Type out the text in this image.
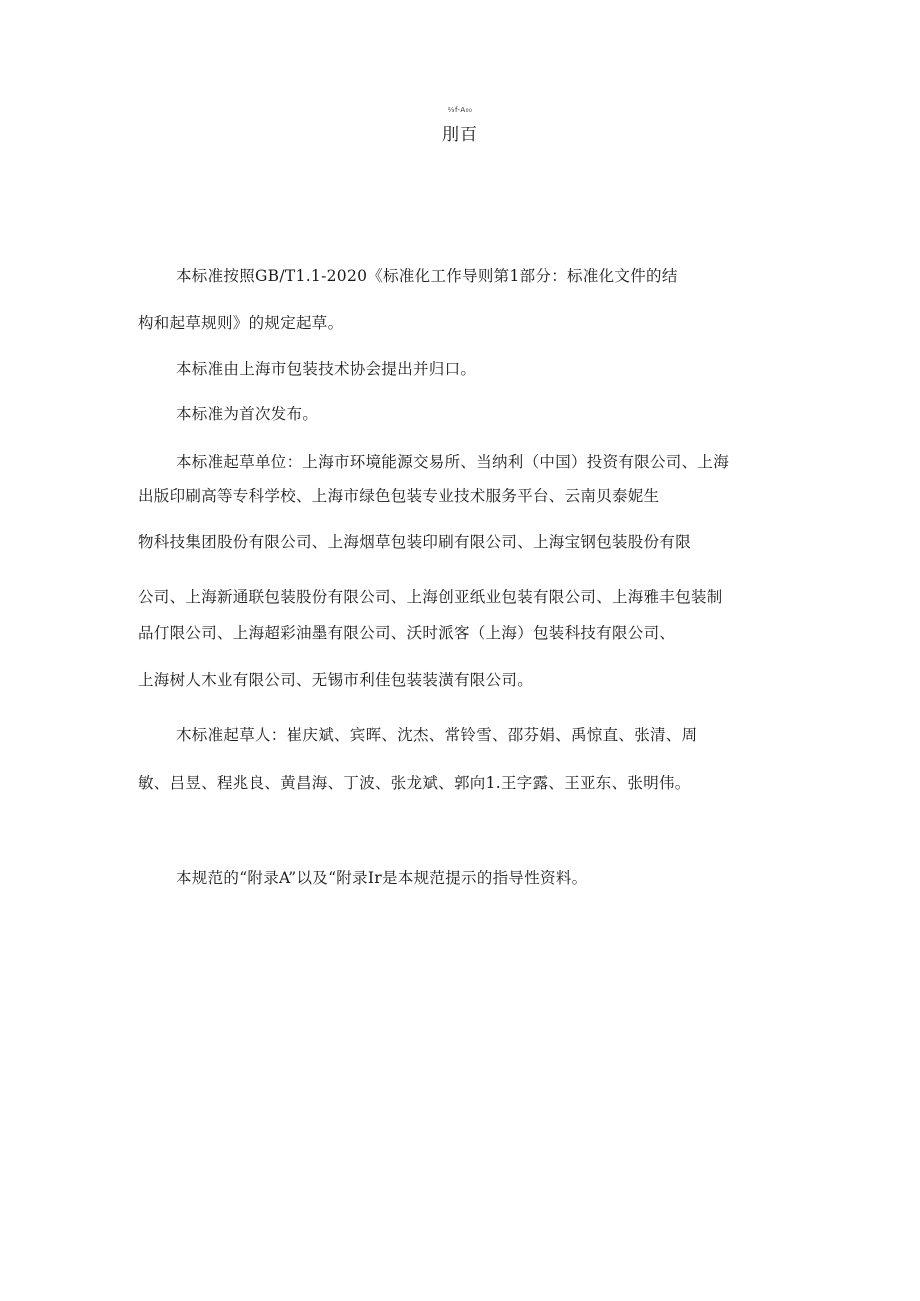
⅔f-A₀₀
刖百
本标准按照GB/T1.1-2020《标准化工作导则第1部分：标准化文件的结
构和起草规则》的规定起草。
本标准由上海市包装技术协会提出并归口。
本标准为首次发布。
本标准起草单位：上海市环境能源交易所、当纳利（中国）投资有限公司、上海
出版印刷高等专科学校、上海市绿色包装专业技术服务平台、云南贝泰妮生
物科技集团股份有限公司、上海烟草包装印刷有限公司、上海宝钢包装股份有限
公司、上海新通联包装股份有限公司、上海创亚纸业包装有限公司、上海雅丰包装制
品仃限公司、上海超彩油墨有限公司、沃时派客（上海）包装科技有限公司、
上海树人木业有限公司、无锡市利佳包装装潢有限公司。
木标准起草人：崔庆斌、宾晖、沈杰、常铃雪、邵芬娟、禹惊直、张清、周
敏、吕昱、程兆良、黄昌海、丁波、张龙斌、郭向1.王字露、王亚东、张明伟。
本规范的“附录A”以及“附录Ir是本规范提示的指导性资料。
